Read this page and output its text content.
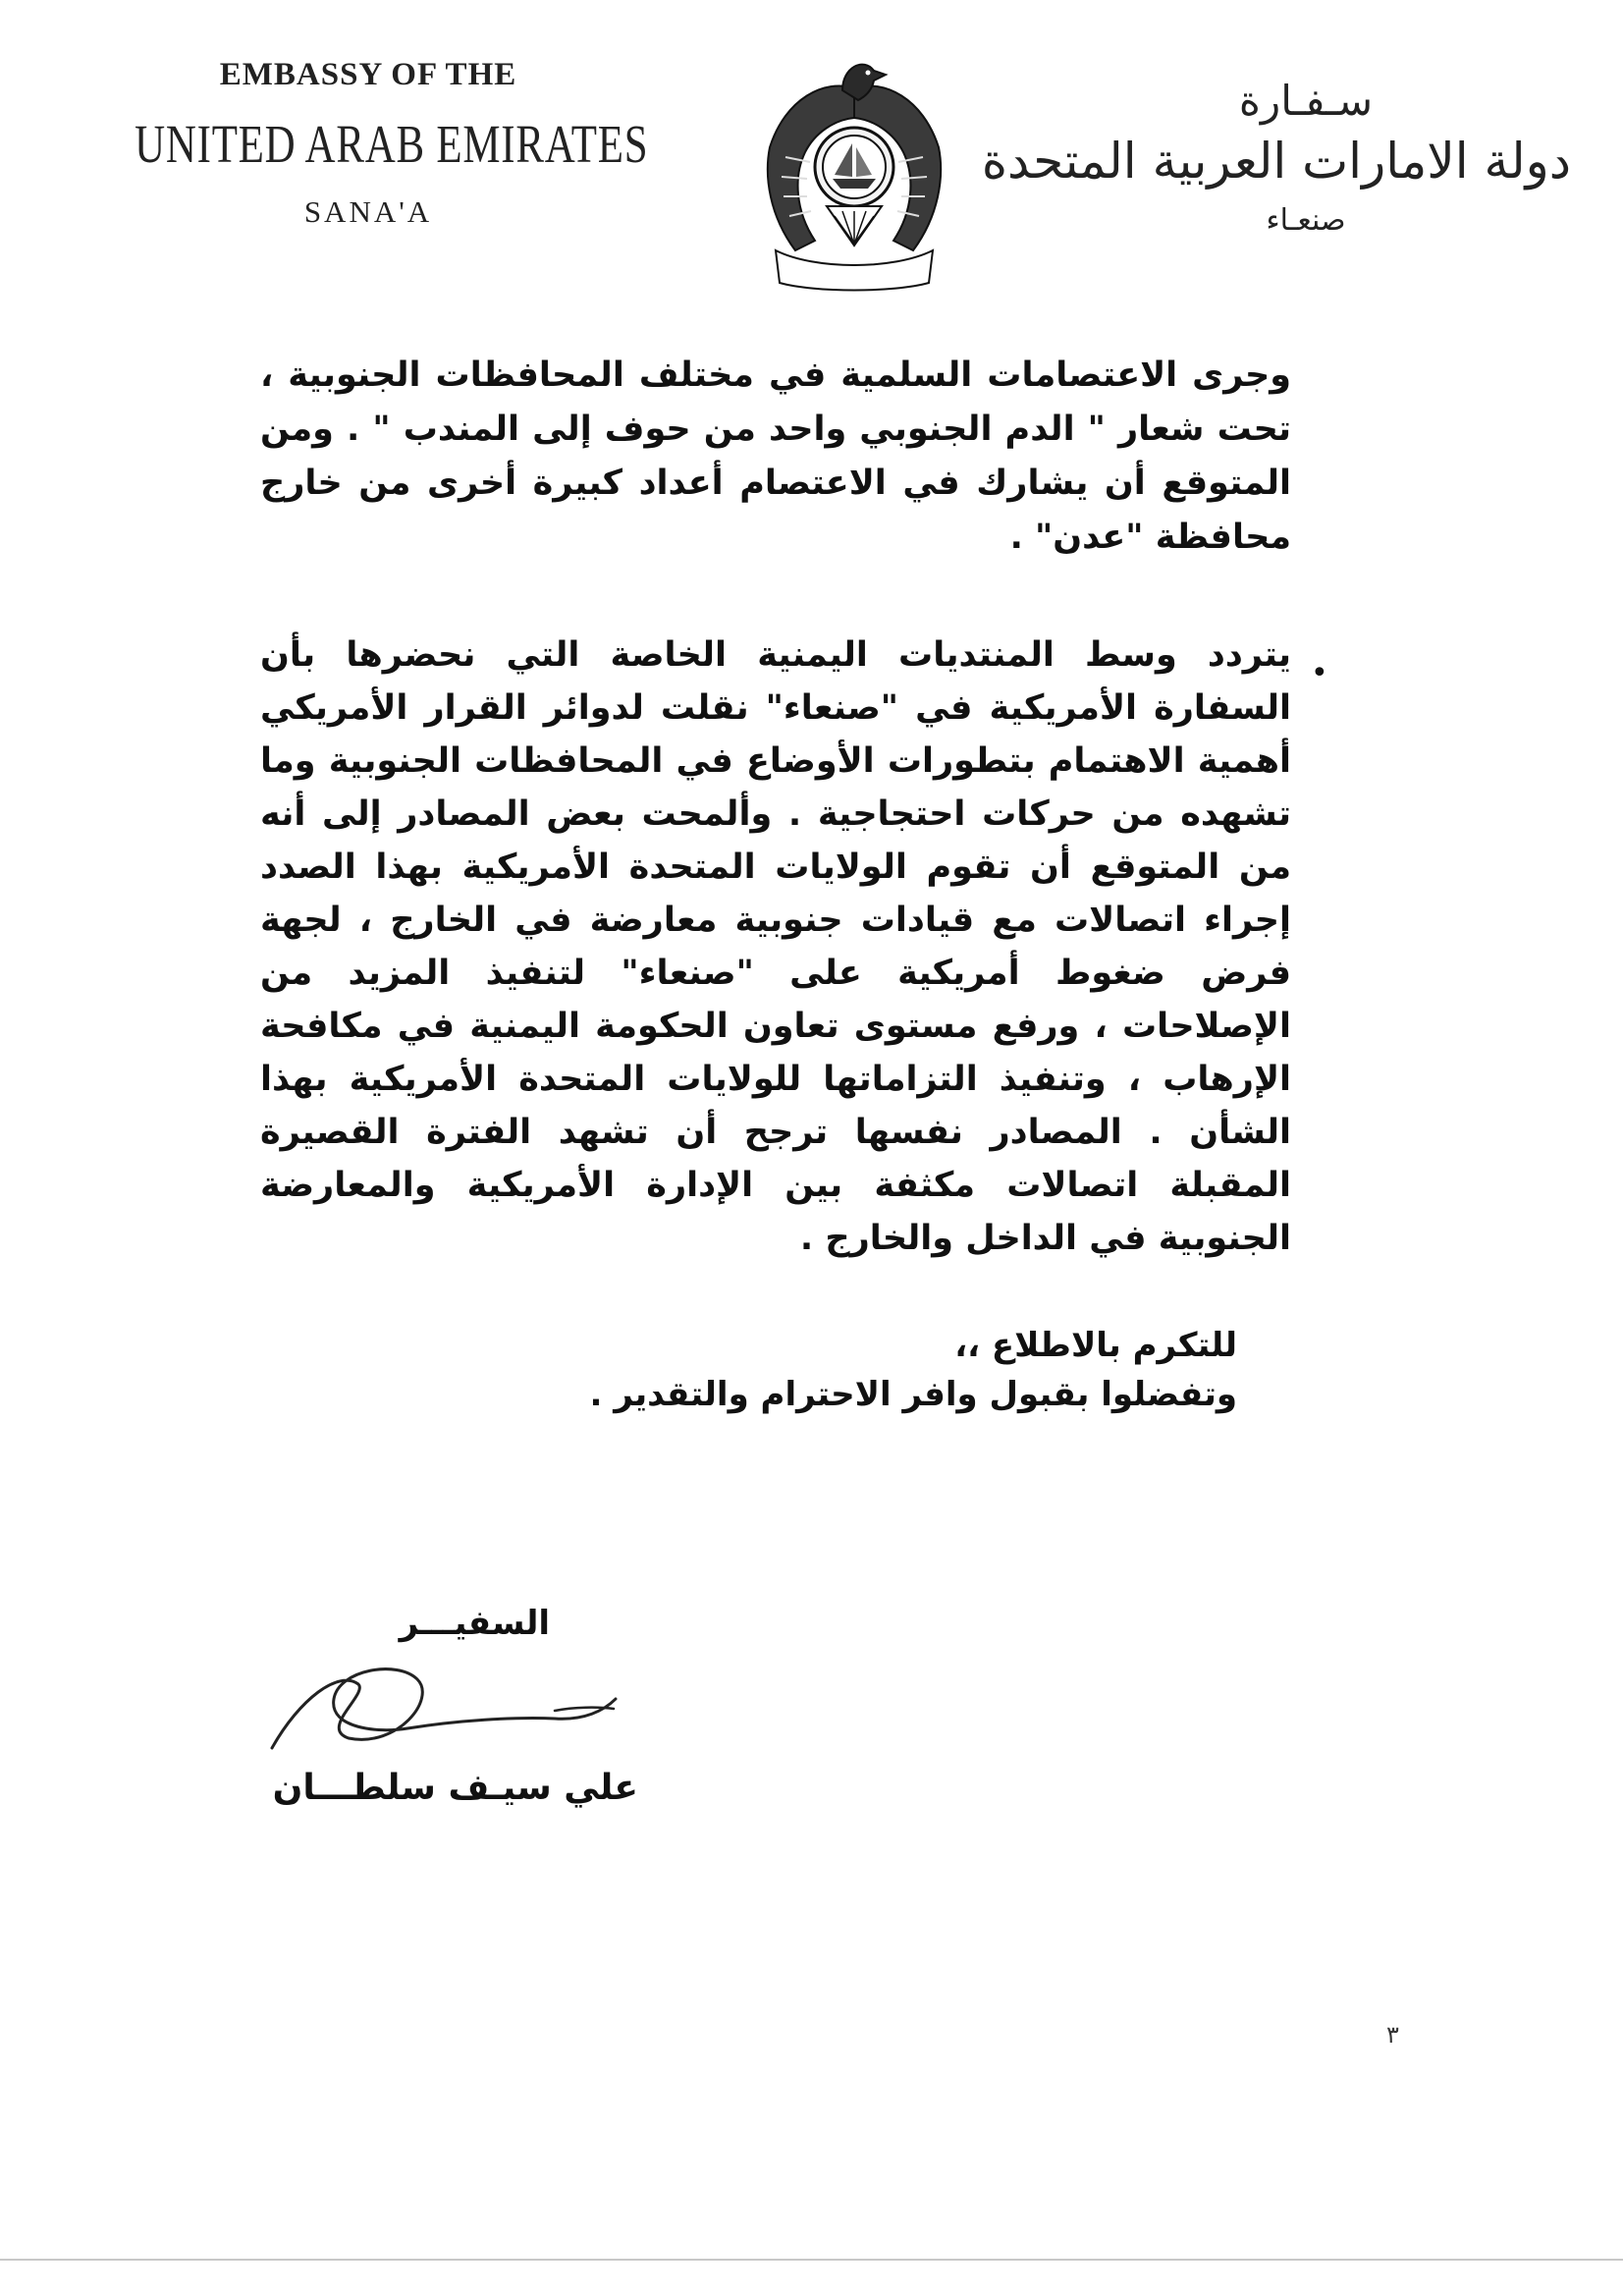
EMBASSY OF THE
UNITED ARAB EMIRATES
SANA'A
سـفـارة
دولة الامارات العربية المتحدة
صنعـاء
وجرى الاعتصامات السلمية في مختلف المحافظات الجنوبية ، تحت شعار " الدم الجنوبي واحد من حوف إلى المندب " . ومن المتوقع أن يشارك في الاعتصام أعداد كبيرة أخرى من خارج محافظة "عدن" .
•
يتردد وسط المنتديات اليمنية الخاصة التي نحضرها بأن السفارة الأمريكية في "صنعاء" نقلت لدوائر القرار الأمريكي أهمية الاهتمام بتطورات الأوضاع في المحافظات الجنوبية وما تشهده من حركات احتجاجية . وألمحت بعض المصادر إلى أنه من المتوقع أن تقوم الولايات المتحدة الأمريكية بهذا الصدد إجراء اتصالات مع قيادات جنوبية معارضة في الخارج ، لجهة فرض ضغوط أمريكية على "صنعاء" لتنفيذ المزيد من الإصلاحات ، ورفع مستوى تعاون الحكومة اليمنية في مكافحة الإرهاب ، وتنفيذ التزاماتها للولايات المتحدة الأمريكية بهذا الشأن . المصادر نفسها ترجح أن تشهد الفترة القصيرة المقبلة اتصالات مكثفة بين الإدارة الأمريكية والمعارضة الجنوبية في الداخل والخارج .
للتكرم بالاطلاع ،،
وتفضلوا بقبول وافر الاحترام والتقدير .
السفيـــر
علي سيـف سلطـــان
٣
